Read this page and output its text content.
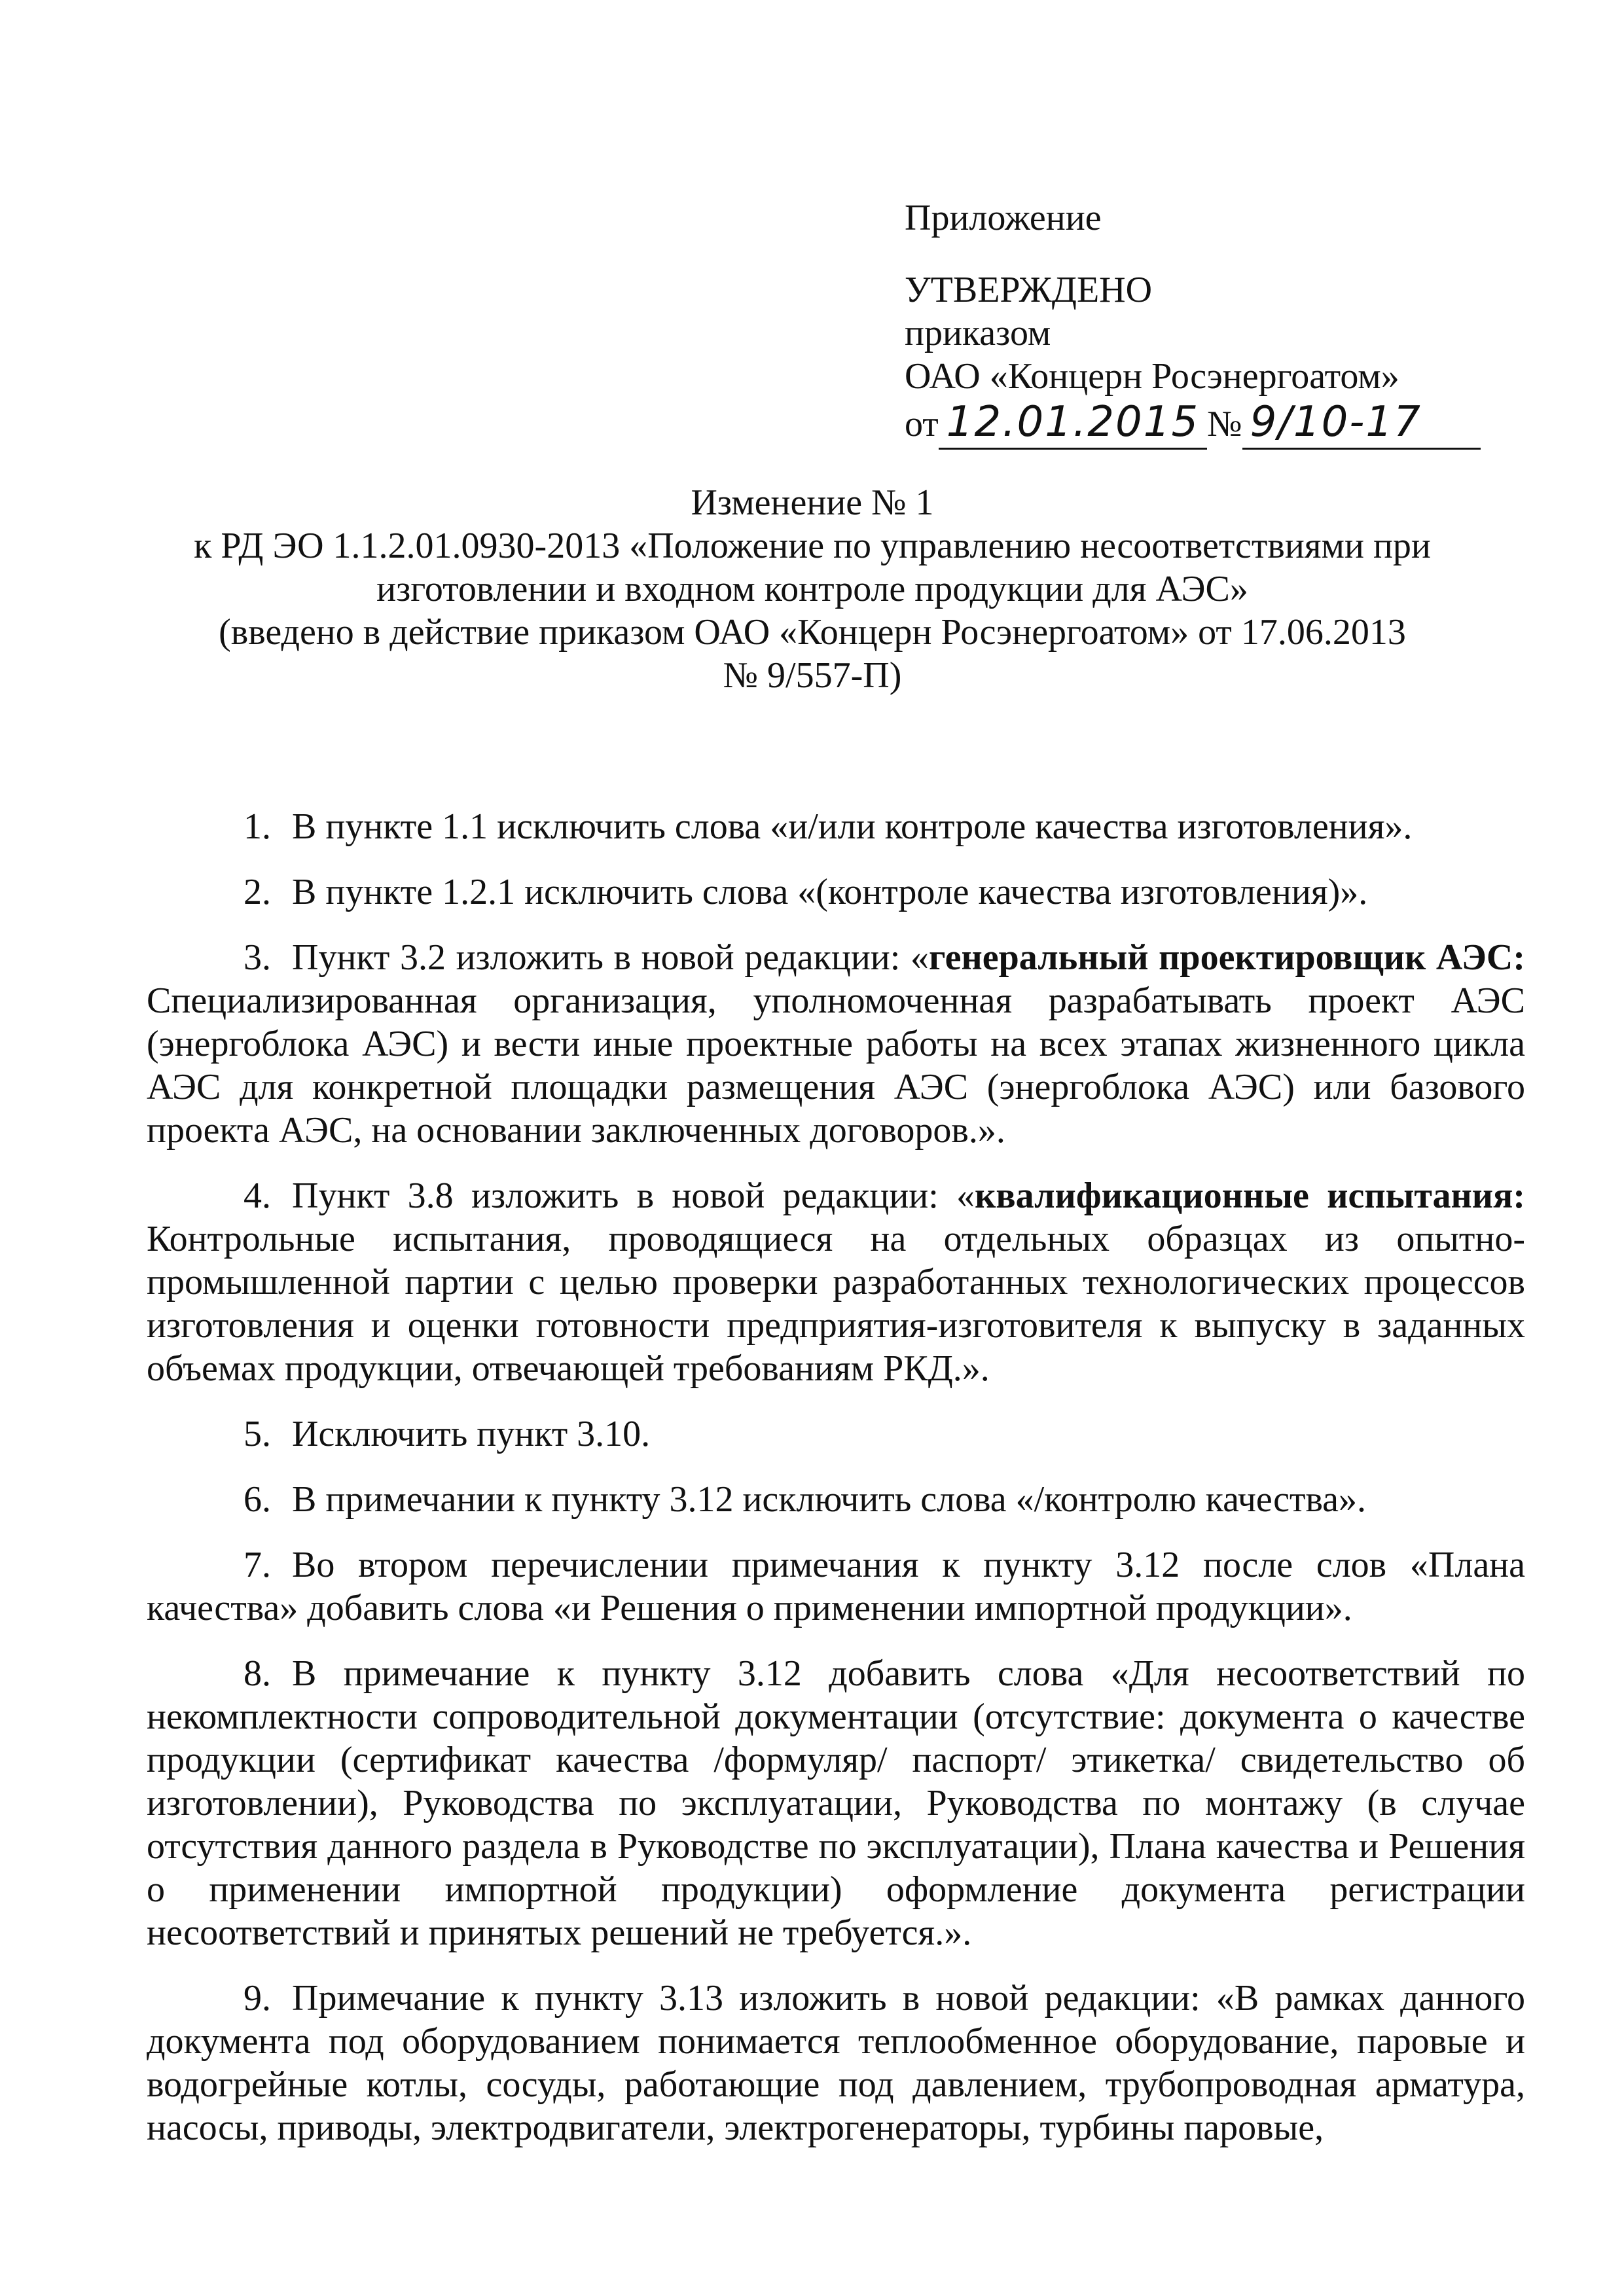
Приложение
УТВЕРЖДЕНО
приказом
ОАО «Концерн Росэнергоатом»
от 12.01.2015 № 9/10-17
Изменение № 1
к РД ЭО 1.1.2.01.0930-2013 «Положение по управлению несоответствиями при
изготовлении и входном контроле продукции для АЭС»
(введено в действие приказом ОАО «Концерн Росэнергоатом» от 17.06.2013
№ 9/557-П)

1. В пункте 1.1 исключить слова «и/или контроле качества изготовления».

2. В пункте 1.2.1 исключить слова «(контроле качества изготовления)».

3. Пункт 3.2 изложить в новой редакции: «генеральный проектировщик АЭС: Специализированная организация, уполномоченная разрабатывать проект АЭС (энергоблока АЭС) и вести иные проектные работы на всех этапах жизненного цикла АЭС для конкретной площадки размещения АЭС (энергоблока АЭС) или базового проекта АЭС, на основании заключенных договоров.».

4. Пункт 3.8 изложить в новой редакции: «квалификационные испытания: Контрольные испытания, проводящиеся на отдельных образцах из опытно-промышленной партии с целью проверки разработанных технологических процессов изготовления и оценки готовности предприятия-изготовителя к выпуску в заданных объемах продукции, отвечающей требованиям РКД.».

5. Исключить пункт 3.10.

6. В примечании к пункту 3.12 исключить слова «/контролю качества».

7. Во втором перечислении примечания к пункту 3.12 после слов «Плана качества» добавить слова «и Решения о применении импортной продукции».

8. В примечание к пункту 3.12 добавить слова «Для несоответствий по некомплектности сопроводительной документации (отсутствие: документа о качестве продукции (сертификат качества /формуляр/ паспорт/ этикетка/ свидетельство об изготовлении), Руководства по эксплуатации, Руководства по монтажу (в случае отсутствия данного раздела в Руководстве по эксплуатации), Плана качества и Решения о применении импортной продукции) оформление документа регистрации несоответствий и принятых решений не требуется.».

9. Примечание к пункту 3.13 изложить в новой редакции: «В рамках данного документа под оборудованием понимается теплообменное оборудование, паровые и водогрейные котлы, сосуды, работающие под давлением, трубопроводная арматура, насосы, приводы, электродвигатели, электрогенераторы, турбины паровые,
